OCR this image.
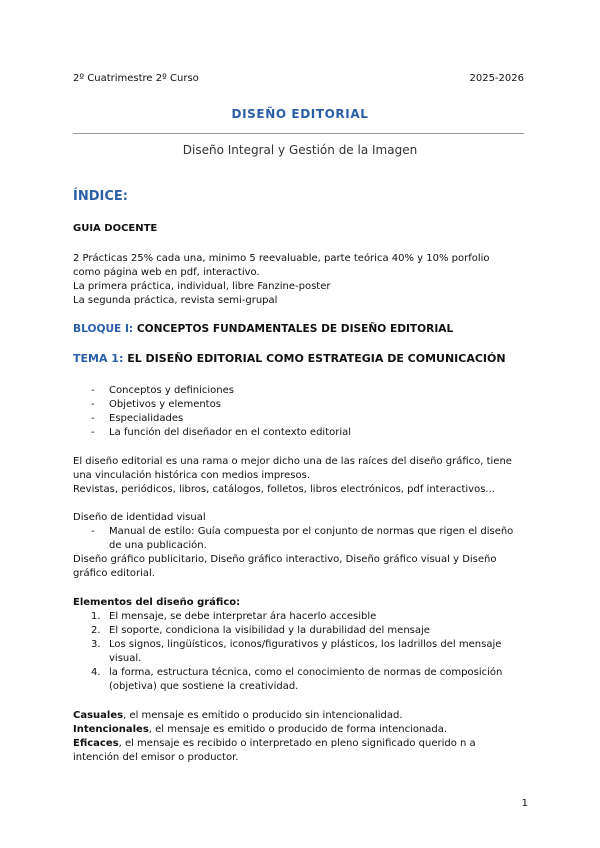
2º Cuatrimestre 2º Curso	2025-2026
DISEÑO EDITORIAL
Diseño Integral y Gestión de la Imagen
ÍNDICE:
GUIA DOCENTE
2 Prácticas 25% cada una, minimo 5 reevaluable, parte teórica 40% y 10% porfolio
como página web en pdf, interactivo.
La primera práctica, individual, libre Fanzine-poster
La segunda práctica, revista semi-grupal
BLOQUE I: CONCEPTOS FUNDAMENTALES DE DISEÑO EDITORIAL
TEMA 1: EL DISEÑO EDITORIAL COMO ESTRATEGIA DE COMUNICACIÓN
- Conceptos y definiciones
- Objetivos y elementos
- Especialidades
- La función del diseñador en el contexto editorial
El diseño editorial es una rama o mejor dicho una de las raíces del diseño gráfico, tiene
una vinculación histórica con medios impresos.
Revistas, periódicos, libros, catálogos, folletos, libros electrónicos, pdf interactivos...
Diseño de identidad visual
- Manual de estilo: Guía compuesta por el conjunto de normas que rigen el diseño
de una publicación.
Diseño gráfico publicitario, Diseño gráfico interactivo, Diseño gráfico visual y Diseño
gráfico editorial.
Elementos del diseño gráfico:
1. El mensaje, se debe interpretar ára hacerlo accesible
2. El soporte, condiciona la visibilidad y la durabilidad del mensaje
3. Los signos, lingüísticos, iconos/figurativos y plásticos, los ladrillos del mensaje
visual.
4. la forma, estructura técnica, como el conocimiento de normas de composición
(objetiva) que sostiene la creatividad.
Casuales, el mensaje es emitido o producido sin intencionalidad.
Intencionales, el mensaje es emitido o producido de forma intencionada.
Eficaces, el mensaje es recibido o interpretado en pleno significado querido n a
intención del emisor o productor.
1
